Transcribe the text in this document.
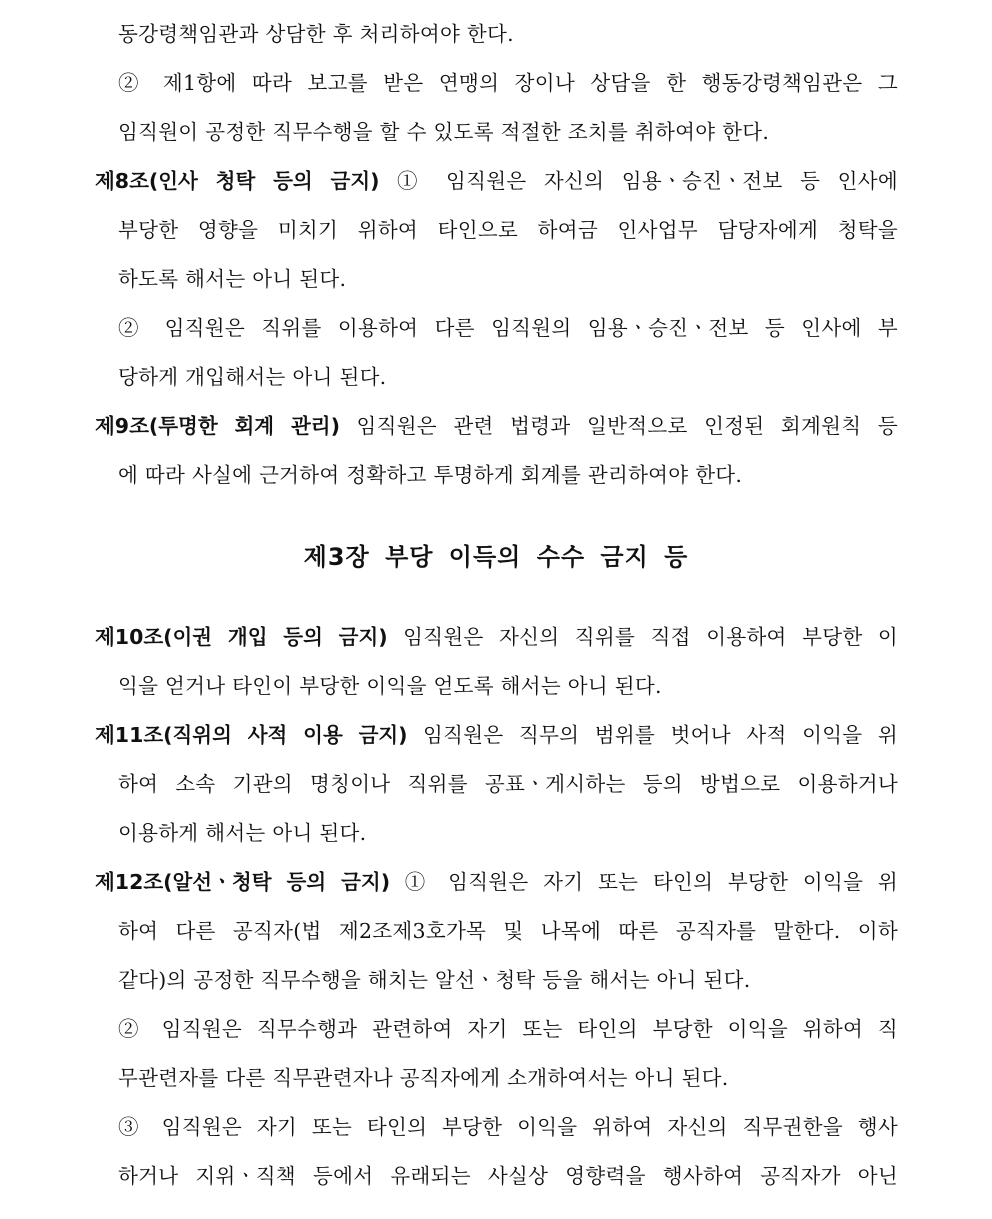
동강령책임관과 상담한 후 처리하여야 한다.
② 제1항에 따라 보고를 받은 연맹의 장이나 상담을 한 행동강령책임관은 그
임직원이 공정한 직무수행을 할 수 있도록 적절한 조치를 취하여야 한다.
제8조(인사 청탁 등의 금지) ① 임직원은 자신의 임용ㆍ승진ㆍ전보 등 인사에
부당한 영향을 미치기 위하여 타인으로 하여금 인사업무 담당자에게 청탁을
하도록 해서는 아니 된다.
② 임직원은 직위를 이용하여 다른 임직원의 임용ㆍ승진ㆍ전보 등 인사에 부
당하게 개입해서는 아니 된다.
제9조(투명한 회계 관리) 임직원은 관련 법령과 일반적으로 인정된 회계원칙 등
에 따라 사실에 근거하여 정확하고 투명하게 회계를 관리하여야 한다.
제3장 부당 이득의 수수 금지 등
제10조(이권 개입 등의 금지) 임직원은 자신의 직위를 직접 이용하여 부당한 이
익을 얻거나 타인이 부당한 이익을 얻도록 해서는 아니 된다.
제11조(직위의 사적 이용 금지) 임직원은 직무의 범위를 벗어나 사적 이익을 위
하여 소속 기관의 명칭이나 직위를 공표ㆍ게시하는 등의 방법으로 이용하거나
이용하게 해서는 아니 된다.
제12조(알선ㆍ청탁 등의 금지) ① 임직원은 자기 또는 타인의 부당한 이익을 위
하여 다른 공직자(법 제2조제3호가목 및 나목에 따른 공직자를 말한다. 이하
같다)의 공정한 직무수행을 해치는 알선ㆍ청탁 등을 해서는 아니 된다.
② 임직원은 직무수행과 관련하여 자기 또는 타인의 부당한 이익을 위하여 직
무관련자를 다른 직무관련자나 공직자에게 소개하여서는 아니 된다.
③ 임직원은 자기 또는 타인의 부당한 이익을 위하여 자신의 직무권한을 행사
하거나 지위ㆍ직책 등에서 유래되는 사실상 영향력을 행사하여 공직자가 아닌
